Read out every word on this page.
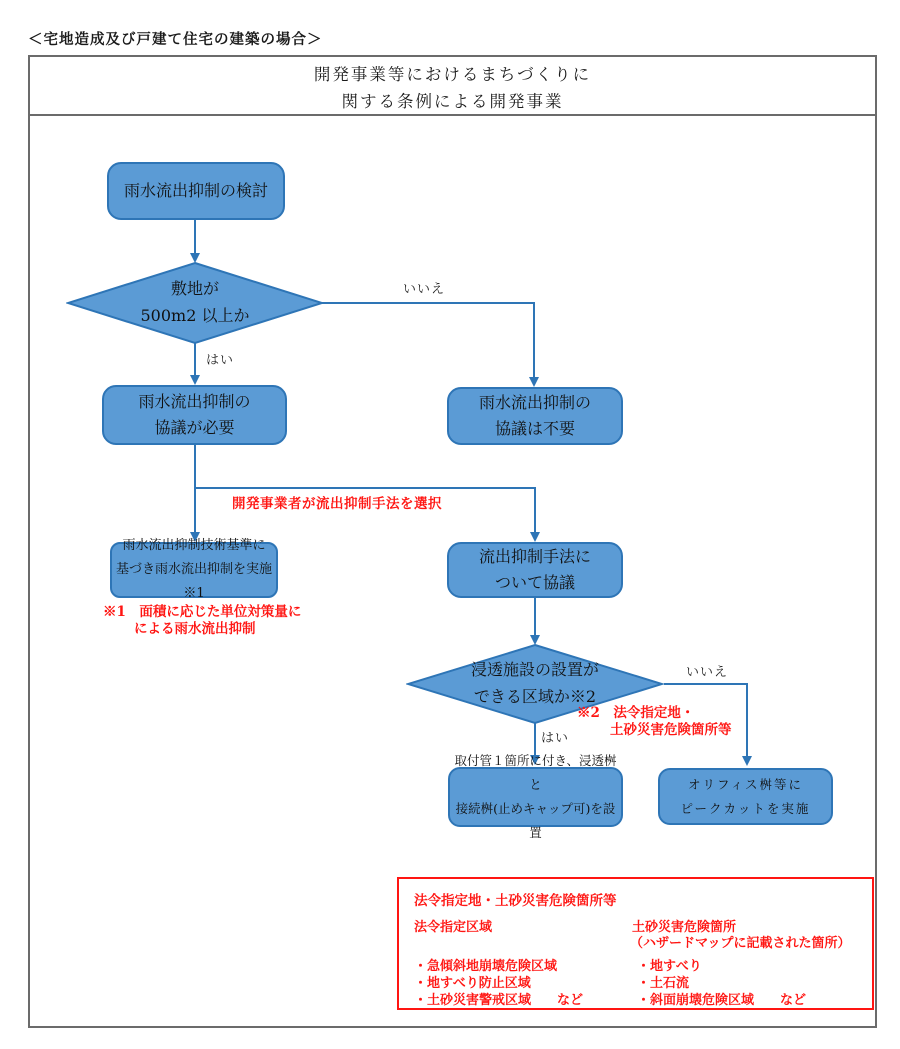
＜宅地造成及び戸建て住宅の建築の場合＞
開発事業等におけるまちづくりに
関する条例による開発事業
雨水流出抑制の検討
敷地が
500m2 以上か
いいえ
はい
雨水流出抑制の
協議が必要
雨水流出抑制の
協議は不要
開発事業者が流出抑制手法を選択
雨水流出抑制技術基準に
基づき雨水流出抑制を実施※1
※1　面積に応じた単位対策量に
による雨水流出抑制
流出抑制手法に
ついて協議
浸透施設の設置が
できる区域か※2
いいえ
はい
※2　法令指定地・
土砂災害危険箇所等
取付管１箇所に付き、浸透桝と
接続桝(止めキャップ可)を設置
オリフィス桝等に
ピークカットを実施
法令指定地・土砂災害危険箇所等
法令指定区域	土砂災害危険箇所
（ハザードマップに記載された箇所）
・急傾斜地崩壊危険区域
・地すべり防止区域
・土砂災害警戒区域　　など
・地すべり
・土石流
・斜面崩壊危険区域　　など
